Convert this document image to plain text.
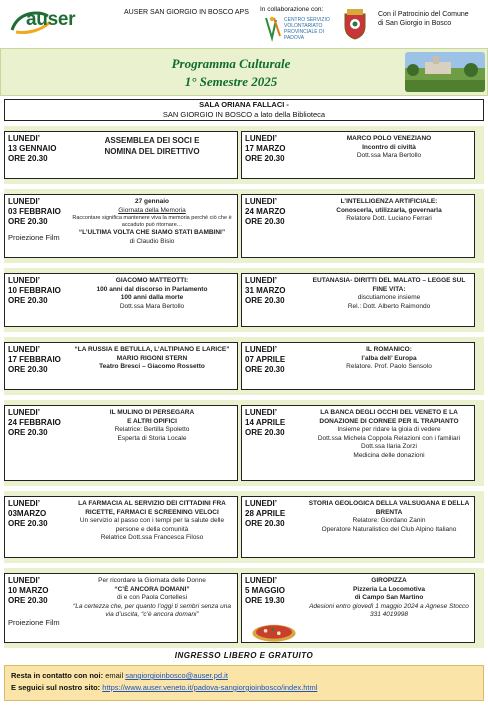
auser	AUSER SAN GIORGIO IN BOSCO APS In collaborazione con:
CENTRO SERVIZIO VOLONTARIATO PROVINCIALE DI PADOVA
Con il Patrocinio del Comune
di San Giorgio in Bosco
Programma Culturale
1° Semestre 2025
SALA ORIANA FALLACI -
SAN GIORGIO IN BOSCO a lato della Biblioteca
LUNEDI’
13 GENNAIO
ORE 20.30
ASSEMBLEA DEI SOCI E
NOMINA DEL DIRETTIVO
LUNEDI’
17 MARZO
ORE 20.30
MARCO POLO VENEZIANO
Incontro di civiltà
Dott.ssa Mara Bertollo
LUNEDI’
03 FEBBRAIO
ORE 20.30
Proiezione Film
27 gennaio
Giornata della Memoria
Raccontare significa mantenere viva la memoria perché ciò che è accaduto può ritornare…
“L’ULTIMA VOLTA CHE SIAMO STATI BAMBINI”
di Claudio Bisio
LUNEDI’
24 MARZO
ORE 20.30
L’INTELLIGENZA ARTIFICIALE:
Conoscerla, utilizzarla, governarla
Relatore Dott. Luciano Ferrari
LUNEDI’
10 FEBBRAIO
ORE 20.30
GIACOMO MATTEOTTI:
100 anni dal discorso in Parlamento
100 anni dalla morte
Dott.ssa Mara Bertollo
LUNEDI’
31 MARZO
ORE 20.30
EUTANASIA- DIRITTI DEL MALATO – LEGGE SUL FINE VITA:
discutiamone insieme
Rel.: Dott. Alberto Raimondo
LUNEDI’
17 FEBBRAIO
ORE 20.30
“LA RUSSIA E BETULLA, L’ALTIPIANO E LARICE”
MARIO RIGONI STERN
Teatro Bresci – Giacomo Rossetto
LUNEDI’
07 APRILE
ORE 20.30
IL ROMANICO:
l’alba dell’ Europa
Relatore. Prof. Paolo Sensolo
LUNEDI’
24 FEBBRAIO
ORE 20.30
IL MULINO DI PERSEGARA
E ALTRI OPIFICI
Relatrice: Bertilla Spoletto
Esperta di Storia Locale
LUNEDI’
14 APRILE
ORE 20.30
LA BANCA DEGLI OCCHI DEL VENETO E LA DONAZIONE DI CORNEE PER IL TRAPIANTO
Insieme per ridare la gioia di vedere
Dott.ssa Michela Coppola Relazioni con i familiari
Dott.ssa Ilaria Zorzi
Medicina delle donazioni
LUNEDI’
03MARZO
ORE 20.30
LA FARMACIA AL SERVIZIO DEI CITTADINI FRA RICETTE, FARMACI E SCREENING VELOCI
Un servizio al passo con i tempi per la salute delle persone e della comunità
Relatrice Dott.ssa Francesca Filoso
LUNEDI’
28 APRILE
ORE 20.30
STORIA GEOLOGICA DELLA VALSUGANA E DELLA BRENTA
Relatore: Giordano Zanin
Operatore Naturalistico del Club Alpino Italiano
LUNEDI’
10 MARZO
ORE 20.30
Proiezione Film
Per ricordare la Giornata delle Donne
“C’È ANCORA DOMANI”
di e con Paola Cortellesi
“La certezza che, per quanto l’oggi ti sembri senza una via d’uscita, “c’è ancora domani”
LUNEDI’
5 MAGGIO
ORE 19.30
GIROPIZZA
Pizzeria La Locomotiva
di Campo San Martino
Adesioni entro giovedì 1 maggio 2024 a Agnese Stocco 331 4019998
INGRESSO LIBERO E GRATUITO
Resta in contatto con noi: email sangiorgioinbosco@auser.pd.it
E seguici sul nostro sito: https://www.auser.veneto.it/padova-sangiorgioinbosco/index.html
